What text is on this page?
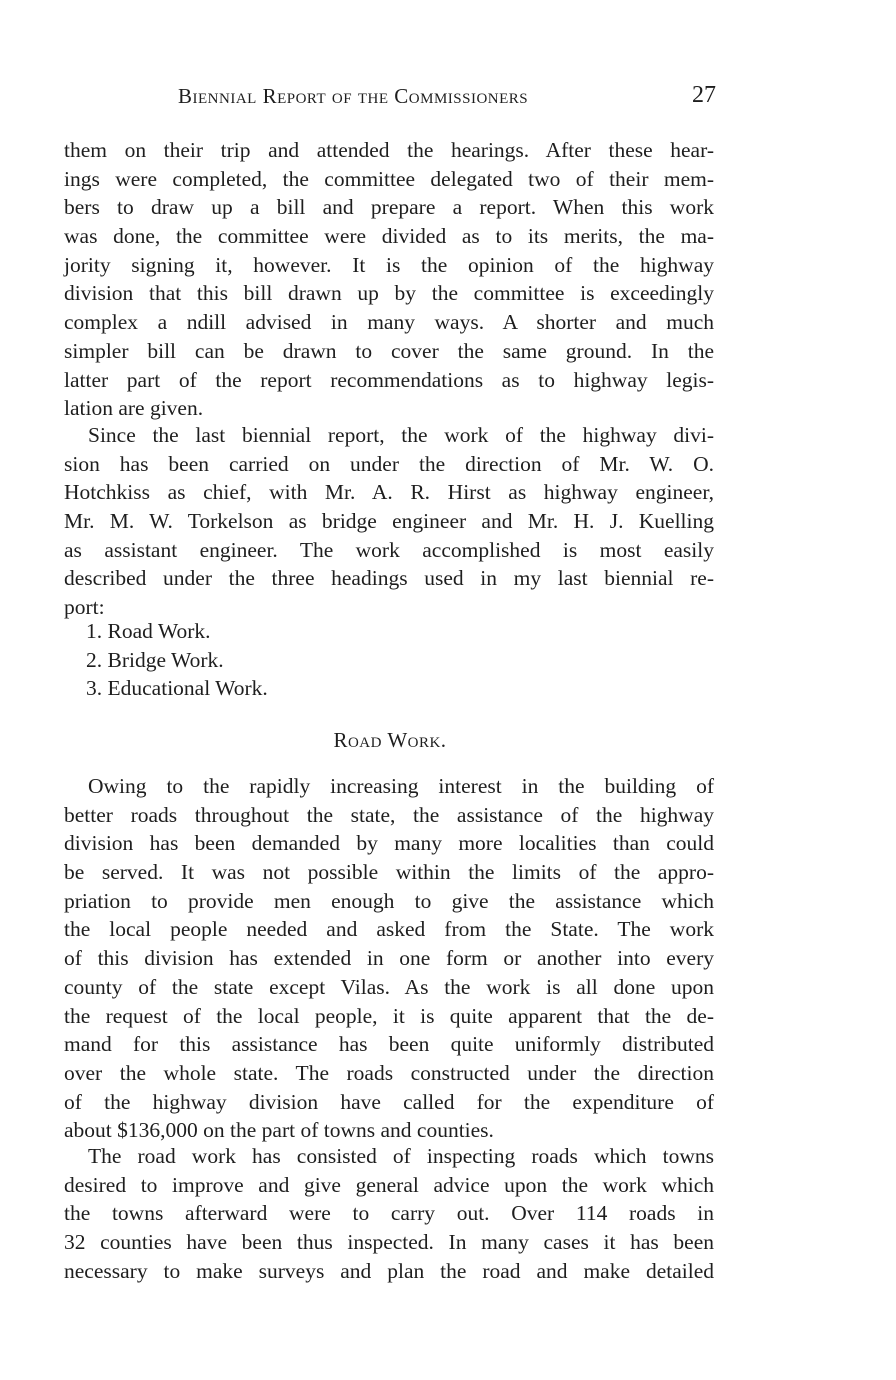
Biennial Report of the Commissioners	27
them on their trip and attended the hearings. After these hear-
ings were completed, the committee delegated two of their mem-
bers to draw up a bill and prepare a report. When this work
was done, the committee were divided as to its merits, the ma-
jority signing it, however. It is the opinion of the highway
division that this bill drawn up by the committee is exceedingly
complex a ndill advised in many ways. A shorter and much
simpler bill can be drawn to cover the same ground. In the
latter part of the report recommendations as to highway legis-
lation are given.
Since the last biennial report, the work of the highway divi-
sion has been carried on under the direction of Mr. W. O.
Hotchkiss as chief, with Mr. A. R. Hirst as highway engineer,
Mr. M. W. Torkelson as bridge engineer and Mr. H. J. Kuelling
as assistant engineer. The work accomplished is most easily
described under the three headings used in my last biennial re-
port:
1. Road Work.
2. Bridge Work.
3. Educational Work.
Road Work.
Owing to the rapidly increasing interest in the building of
better roads throughout the state, the assistance of the highway
division has been demanded by many more localities than could
be served. It was not possible within the limits of the appro-
priation to provide men enough to give the assistance which
the local people needed and asked from the State. The work
of this division has extended in one form or another into every
county of the state except Vilas. As the work is all done upon
the request of the local people, it is quite apparent that the de-
mand for this assistance has been quite uniformly distributed
over the whole state. The roads constructed under the direction
of the highway division have called for the expenditure of
about $136,000 on the part of towns and counties.
The road work has consisted of inspecting roads which towns
desired to improve and give general advice upon the work which
the towns afterward were to carry out. Over 114 roads in
32 counties have been thus inspected. In many cases it has been
necessary to make surveys and plan the road and make detailed
